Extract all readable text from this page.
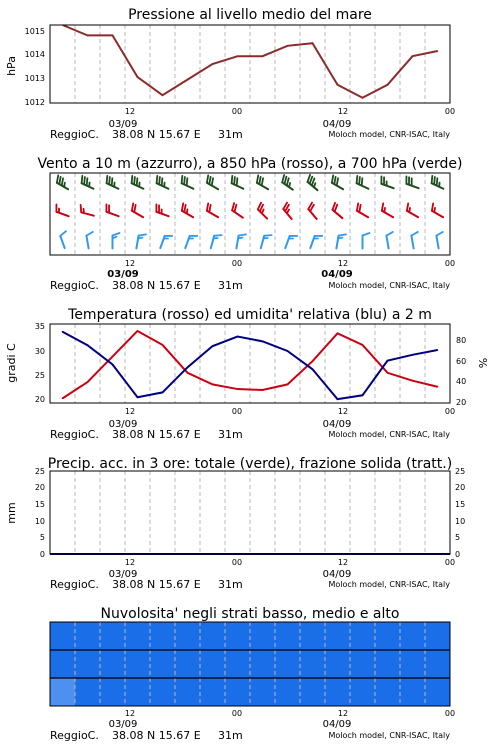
Pressione al livello medio del mare
hPa
1012
1013
1014
1015
12	00	12	00
03/09	04/09
ReggioC. 38.08 N 15.67 E 31m	Moloch model, CNR-ISAC, Italy
Vento a 10 m (azzurro), a 850 hPa (rosso), a 700 hPa (verde)
12	00	12	00
03/09	04/09
ReggioC. 38.08 N 15.67 E 31m	Moloch model, CNR-ISAC, Italy
Temperatura (rosso) ed umidita' relativa (blu) a 2 m
gradi C	%
20
25
30
35
20
40
60
80
12	00	12	00
03/09	04/09
ReggioC. 38.08 N 15.67 E 31m	Moloch model, CNR-ISAC, Italy
Precip. acc. in 3 ore: totale (verde), frazione solida (tratt.)
mm
0
5
10
15
20
25
0
5
10
15
20
25
12	00	12	00
03/09	04/09
ReggioC. 38.08 N 15.67 E 31m	Moloch model, CNR-ISAC, Italy
Nuvolosita' negli strati basso, medio e alto
12	00	12	00
03/09	04/09
ReggioC. 38.08 N 15.67 E 31m	Moloch model, CNR-ISAC, Italy
